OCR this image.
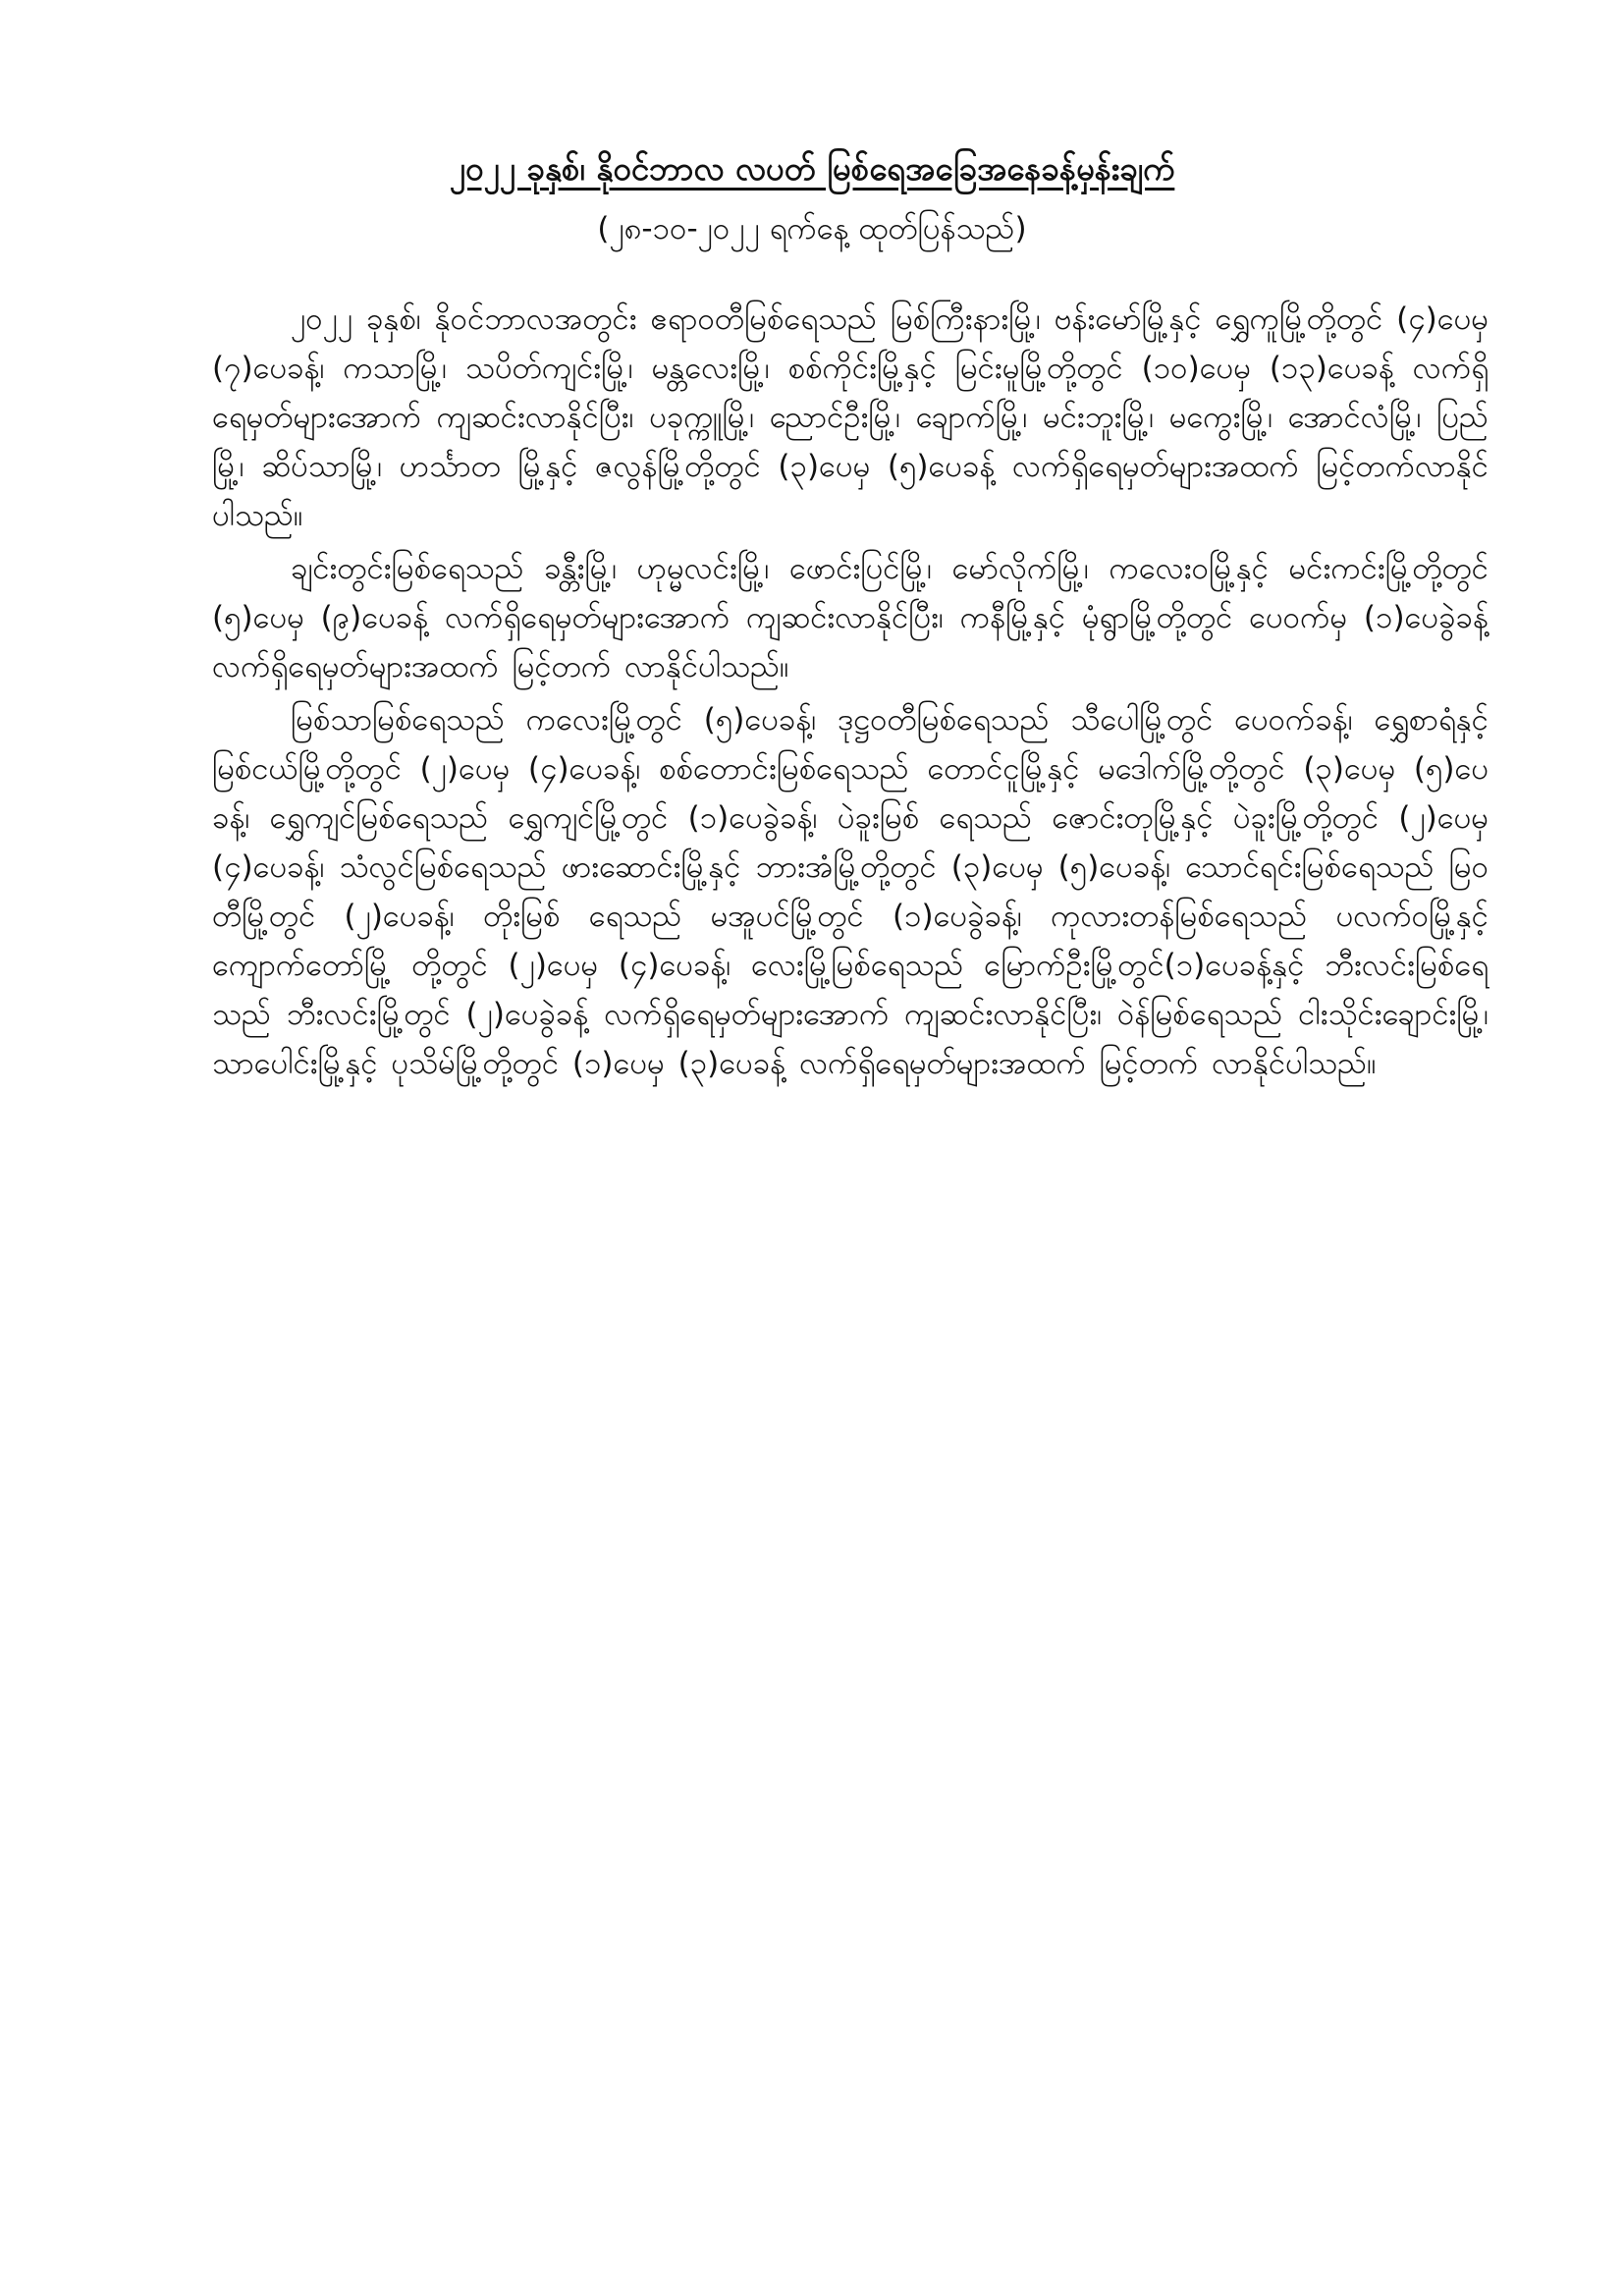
၂၀၂၂ ခုနှစ်၊ နိုဝင်ဘာလ လပတ် မြစ်ရေအခြေအနေခန့်မှန်းချက်

(၂၈-၁၀-၂၀၂၂ ရက်နေ့ ထုတ်ပြန်သည်)

၂၀၂၂ ခုနှစ်၊ နိုဝင်ဘာလအတွင်း ဧရာဝတီမြစ်ရေသည် မြစ်ကြီးနားမြို့၊ ဗန်းမော်မြို့နှင့် ရွှေကူမြို့တို့တွင် (၄)ပေမှ (၇)ပေခန့်၊ ကသာမြို့၊ သပိတ်ကျင်းမြို့၊ မန္တလေးမြို့၊ စစ်ကိုင်းမြို့နှင့် မြင်းမူမြို့တို့တွင် (၁၀)ပေမှ (၁၃)ပေခန့် လက်ရှိရေမှတ်များအောက် ကျဆင်းလာနိုင်ပြီး၊ ပခုက္ကူမြို့၊ ညောင်ဦးမြို့၊ ချောက်မြို့၊ မင်းဘူးမြို့၊ မကွေးမြို့၊ အောင်လံမြို့၊ ပြည်မြို့၊ ဆိပ်သာမြို့၊ ဟင်္သာတ မြို့နှင့် ဇလွန်မြို့တို့တွင် (၃)ပေမှ (၅)ပေခန့် လက်ရှိရေမှတ်များအထက် မြင့်တက်လာနိုင်ပါသည်။

ချင်းတွင်းမြစ်ရေသည် ခန္တီးမြို့၊ ဟုမ္မလင်းမြို့၊ ဖောင်းပြင်မြို့၊ မော်လိုက်မြို့၊ ကလေးဝမြို့နှင့် မင်းကင်းမြို့တို့တွင် (၅)ပေမှ (၉)ပေခန့် လက်ရှိရေမှတ်များအောက် ကျဆင်းလာနိုင်ပြီး၊ ကနီမြို့နှင့် မုံရွာမြို့တို့တွင် ပေဝက်မှ (၁)ပေခွဲခန့် လက်ရှိရေမှတ်များအထက် မြင့်တက် လာနိုင်ပါသည်။

မြစ်သာမြစ်ရေသည် ကလေးမြို့တွင် (၅)ပေခန့်၊ ဒုဋ္ဌဝတီမြစ်ရေသည် သီပေါမြို့တွင် ပေဝက်ခန့်၊ ရွှေစာရံနှင့် မြစ်ငယ်မြို့တို့တွင် (၂)ပေမှ (၄)ပေခန့်၊ စစ်တောင်းမြစ်ရေသည် တောင်ငူမြို့နှင့် မဒေါက်မြို့တို့တွင် (၃)ပေမှ (၅)ပေခန့်၊ ရွှေကျင်မြစ်ရေသည် ရွှေကျင်မြို့တွင် (၁)ပေခွဲခန့်၊ ပဲခူးမြစ် ရေသည် ဇောင်းတုမြို့နှင့် ပဲခူးမြို့တို့တွင် (၂)ပေမှ (၄)ပေခန့်၊ သံလွင်မြစ်ရေသည် ဖားဆောင်းမြို့နှင့် ဘားအံမြို့တို့တွင် (၃)ပေမှ (၅)ပေခန့်၊ သောင်ရင်းမြစ်ရေသည် မြဝတီမြို့တွင် (၂)ပေခန့်၊ တိုးမြစ် ရေသည် မအူပင်မြို့တွင် (၁)ပေခွဲခန့်၊ ကုလားတန်မြစ်ရေသည် ပလက်ဝမြို့နှင့် ကျောက်တော်မြို့ တို့တွင် (၂)ပေမှ (၄)ပေခန့်၊ လေးမြို့မြစ်ရေသည် မြောက်ဦးမြို့တွင်(၁)ပေခန့်နှင့် ဘီးလင်းမြစ်ရေသည် ဘီးလင်းမြို့တွင် (၂)ပေခွဲခန့် လက်ရှိရေမှတ်များအောက် ကျဆင်းလာနိုင်ပြီး၊ ဝဲန်မြစ်ရေသည် ငါးသိုင်းချောင်းမြို့၊ သာပေါင်းမြို့နှင့် ပုသိမ်မြို့တို့တွင် (၁)ပေမှ (၃)ပေခန့် လက်ရှိရေမှတ်များအထက် မြင့်တက် လာနိုင်ပါသည်။
